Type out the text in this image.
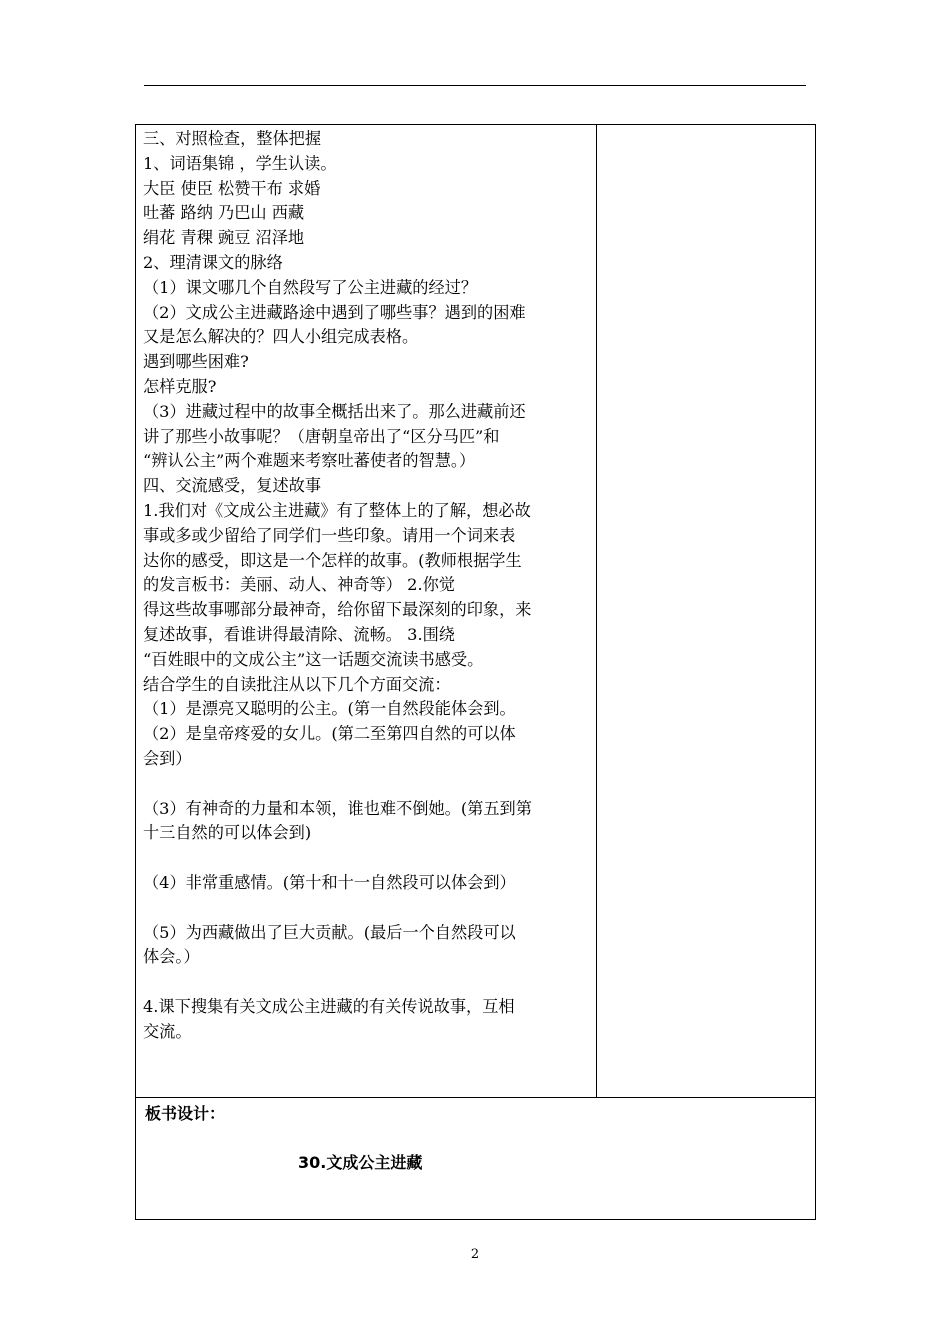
三、对照检查，整体把握
1、词语集锦 ，学生认读。
大臣 使臣 松赞干布 求婚
吐蕃 路纳 乃巴山 西藏
绢花 青稞 豌豆 沼泽地
2、理清课文的脉络
（1）课文哪几个自然段写了公主进藏的经过？
（2）文成公主进藏路途中遇到了哪些事？遇到的困难
又是怎么解决的？四人小组完成表格。
遇到哪些困难?
怎样克服?
（3）进藏过程中的故事全概括出来了。那么进藏前还
讲了那些小故事呢？（唐朝皇帝出了“区分马匹”和
“辨认公主”两个难题来考察吐蕃使者的智慧。）
四、交流感受，复述故事
1.我们对《文成公主进藏》有了整体上的了解，想必故
事或多或少留给了同学们一些印象。请用一个词来表
达你的感受，即这是一个怎样的故事。(教师根据学生
的发言板书：美丽、动人、神奇等） 2.你觉
得这些故事哪部分最神奇，给你留下最深刻的印象，来
复述故事，看谁讲得最清除、流畅。 3.围绕
“百姓眼中的文成公主”这一话题交流读书感受。
结合学生的自读批注从以下几个方面交流：
（1）是漂亮又聪明的公主。(第一自然段能体会到。
（2）是皇帝疼爱的女儿。(第二至第四自然的可以体
会到）
（3）有神奇的力量和本领，谁也难不倒她。(第五到第
十三自然的可以体会到)
（4）非常重感情。(第十和十一自然段可以体会到）
（5）为西藏做出了巨大贡献。(最后一个自然段可以
体会。）
4.课下搜集有关文成公主进藏的有关传说故事，互相
交流。
板书设计：
30.文成公主进藏
2
